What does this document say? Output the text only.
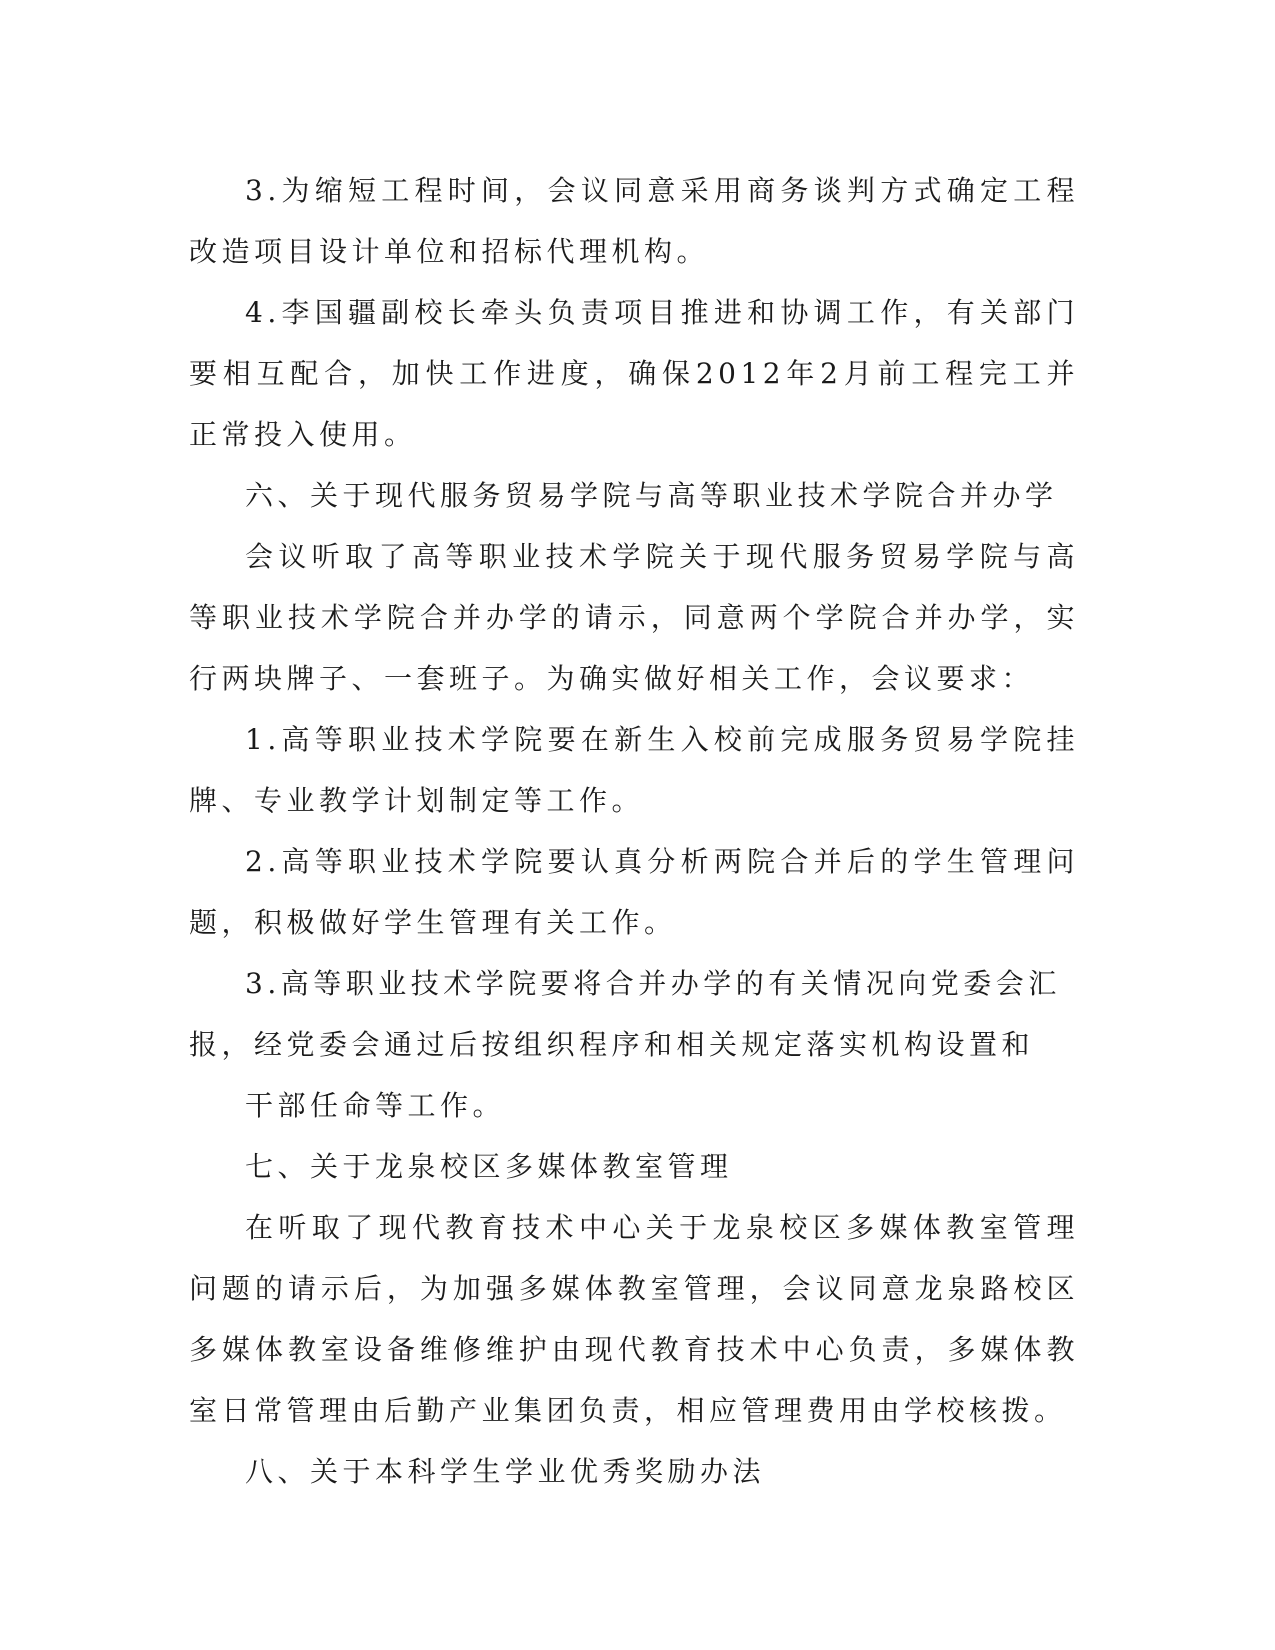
3.为缩短工程时间，会议同意采用商务谈判方式确定工程改造项目设计单位和招标代理机构。

4.李国疆副校长牵头负责项目推进和协调工作，有关部门要相互配合，加快工作进度，确保2012年2月前工程完工并正常投入使用。

六、关于现代服务贸易学院与高等职业技术学院合并办学

会议听取了高等职业技术学院关于现代服务贸易学院与高等职业技术学院合并办学的请示，同意两个学院合并办学，实行两块牌子、一套班子。为确实做好相关工作，会议要求：

1.高等职业技术学院要在新生入校前完成服务贸易学院挂牌、专业教学计划制定等工作。

2.高等职业技术学院要认真分析两院合并后的学生管理问题，积极做好学生管理有关工作。

3.高等职业技术学院要将合并办学的有关情况向党委会汇报，经党委会通过后按组织程序和相关规定落实机构设置和

干部任命等工作。

七、关于龙泉校区多媒体教室管理

在听取了现代教育技术中心关于龙泉校区多媒体教室管理问题的请示后，为加强多媒体教室管理，会议同意龙泉路校区多媒体教室设备维修维护由现代教育技术中心负责，多媒体教室日常管理由后勤产业集团负责，相应管理费用由学校核拨。

八、关于本科学生学业优秀奖励办法
